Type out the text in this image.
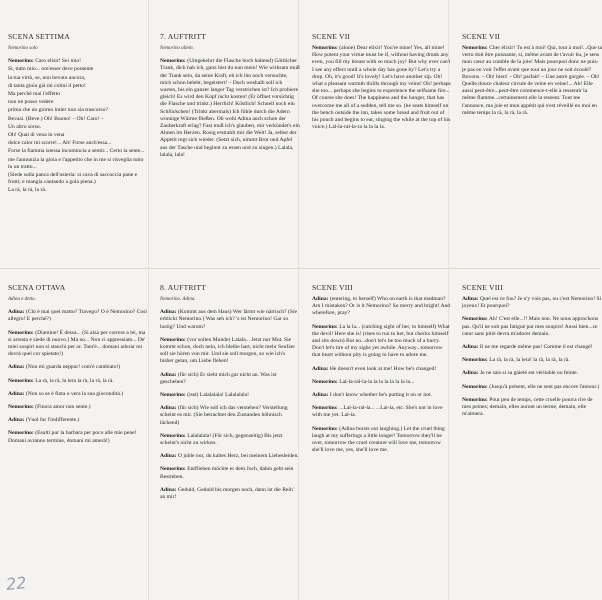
SCENA SETTIMA
Nemorino solo
Nemorino: Caro elisir! Sei mio!
Sì, tutto mio... om'esser deve possente
la tua virtù, se, non bevuto ancora,
di tanta gioia già mi colmi il petto!
Ma perché mai l'effetto
non ne posso vedere
prima che un giorno intier non sia trascorso?
Bevasi. (Beve.) Oh! Buono! – Oh! Caro! –
Un altro sorso.
Oh! Qual di vena in vena
dolce calor mi scorre!... Ah! Forse anch'essa...
Forse la fiamma istessa incomincia a sentir... Certo la sente...
me l'annunzia la gioia e l'appetito che in me si risveglia tutto in un tratto...
(Siede sulla panca dell'osteria: si cava di saccoccia pane e frutti; e mangia cantando a gola piena.)
La rà, la rà, la rà.
7. AUFTRITT
Nemorino allein.
Nemorino: (Umgekehrt die Flasche hoch haltend) Göttlicher Trank, dich hab ich, ganz bist du nun mein! Wie wirksam muß der Trank sein, da seine Kraft, eh ich ihn noch versuchte, mich schon belebt, begeistert! – Doch weshalb soll ich warten, bis ein ganzer langer Tag verstrichen ist? Ich probiere gleich! Es wird den Kopf nicht kosten! (Er öffnet vorsichtig die Flasche und trinkt.) Herrlich! Köstlich! Schnell noch ein Schlückchen! (Trinkt abermals) Ich fühle durch die Adern wonnige Wärme fließen. Ob wohl Adina auch schon der Zauberkraft erlag? Fast muß ich's glauben, mir verkündet's ein Ahnen im Herzen. Rosig erstrahlt mir die Welt! Ja, selbst der Appetit regt sich wieder. (Setzt sich, nimmt Brot und Apfel aus der Tasche und beginnt zu essen und zu singen.) Lalala, lalala, lala!
SCENE VII
Nemorino: (alone) Dear elixir! You're mine! Yes, all mine! How potent your virtue must be if, without having drunk any even, you fill my breast with so much joy! But why ever can't I see any effect until a whole day has gone by? Let's try a drop. Oh, it's good! It's lovely! Let's have another sip. Oh! what a pleasant warmth thrills through my veins! Oh! perhaps she too... perhaps she begins to experience the selfsame fire... Of course she does! The happiness and the hunger, that has overcome me all of a sudden, tell me so. (he seats himself on the bench outside the inn, takes some bread and fruit out of his pouch and begins to eat, singing the while at the top of his voice.) Lal-la-ral-la-ra la la la la.
SCENE VII
Nemorino: Cher élixir! Tu est à moi! Qui, tout à moi!...Que ta vertu doit être puissante, si, même avant de t'avoir bu, je sens mon cœur au comble de la joie! Mais pourquoi donc ne puis-je pas en voir l'effet avant que tout un jour ne soit écoulé? Buvons. – Oh! bien! – Oh! parfait! – Une autre gorgée. – Oh! Quelle douce chaleur circule de veine en veine!... Ah! Elle aussi peut-être...peut-être commence-t-elle à ressentir la même flamme...certainement elle la ressent. Tout me l'annonce, ma joie et mon appétit qui s'est réveillé en moi en même temps la rà, la rà, la rà.
SCENA OTTAVA
Adina e detto.
Adina: (Chi è mai quel matto? Travego? O è Nemorino? Così allegro! E perché?)
Nemorino: (Diamine! È dessa... (Si alza per correre a lei, ma si arresta e siede di nuovo.) Ma no... Non ci appressiam... De' miei sospiri non si stanchi per or. Tant'è... domani adorar mi dovrà quel cor spietato!)
Adina: (Non mi guarda neppur! com'è cambiato!)
Nemorino: La rà, la rà, la lera la rà, la rà, la rà.
Adina: (Non so se è finta o vera la sua giocondità.)
Nemorino: (Finora amor non sente.)
Adina: (Vuol far l'indifferente.)
Nemorino: (Esulti pur la barbara per poco alle mie pene! Domani avranno termine, domani mi amerà!)
8. AUFTRITT
Nemorino. Adina.
Adina: (Kommt aus dem Haus) Wer lärmt wie närrisch? (Sie erblickt Nemorino.) Was seh ich? 's ist Nemorino! Gar so lustig? Und warum?
Nemorino: (vor sollen Munde) Lalala... Jetzt nur Mut. Sie kommt schon, doch nein, ich bleibe hart, nicht mehr Seufzer soll sie hören von mir. Und sie soll morgen, so wie ich's bisher getan, um Liebe flehen!
Adina: (für sich) Er sieht mich gar nicht an. Was ist geschehen?
Nemorino: (isst) Lalalalala! Lalalalala!
Adina: (für sich) Wie soll ich das verstehen? Verstellung scheint es mir. (Sie betrachtet den Zustanden höhnisch lächend)
Nemorino: Lalalalala! (Für sich, gegenseitig) Bis jetzt scheint's nicht zu wirken.
Adina: O juble nur, du kaltes Herz, bei meinem Liebesleiden.
Nemorino: Entfliehen möchte er dem Joch, dahin geht sein Bestreben.
Adina: Geduld, Geduld bis morgen noch, dann ist die Reih' an mir!
SCENE VIII
Adina: (entering, to herself) Who on earth is that madman? Am I mistaken? Or is it Nemorino? So merry and bright! And wherefore, pray?
Nemorino: La la la... (catching sight of her, to himself) What the devil! Here she is! (rises to run to her, but checks himself and sits down) But no...don't let's be too much of a hurry. Don't let's tire of my sighs yet awhile. Anyway...tomorrow that heart without pity is going to have to adore me.
Adina: He doesn't even look at me! How he's changed!
Nemorino: Lal-la-ral-la-la la la la la la la la...
Adina: I don't know whether he's putting it on or not.
Nemorino: ...Lal-la-ral-la... ...Lal-la, etc. She's not in love with me yet. Lal-la.
Nemorino: (Adina bursts out laughing.) Let the cruel thing laugh at my sufferings a little longer! Tomorrow they'll be over, tomorrow the cruel creature will love me, tomorrow she'll love me, yes, she'll love me.
SCENE VIII
Adina: Quel est ce fou? Je n'y vois pas, ou c'est Nemorino! Si joyeux! Et pourquoi?
Nemorino: Ah! C'est elle...!! Mais non. Ne nous approchons pas. Qu'il ne soit pas fatigué par mes soupirs! Aussi bien...ce cœur sans pitié devra m'adorer demain.
Adina: Il ne me regarde même pas! Comme il est changé!
Nemorino: La rà, la rà, la lera! la rà, la rà, la rà.
Adina: Je ne sais si sa gaieté est véritable ou feinte.
Nemorino: (Jusqu'à présent, elle ne sent pas encore l'amour.)
Nemorino: Pour peu de temps, cette cruelle pourra rire de mes peines; demain, elles auront un terme, demain, elle m'aimera.
22
